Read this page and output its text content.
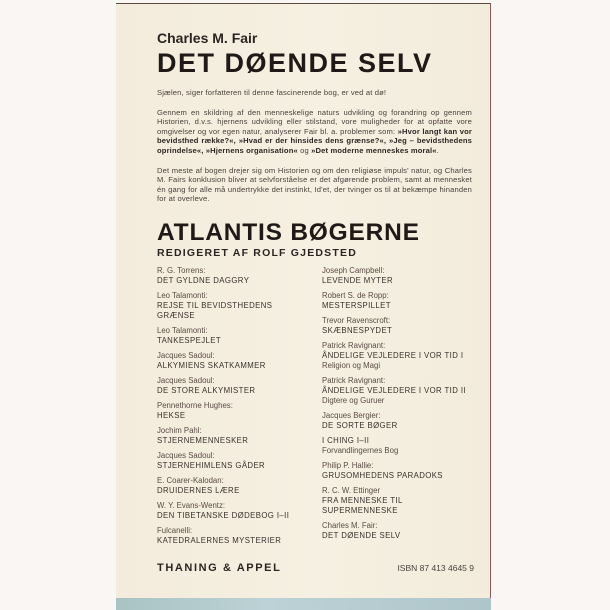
Charles M. Fair

DET DØENDE SELV

Sjælen, siger forfatteren til denne fascinerende bog, er ved at dø!

Gennem en skildring af den menneskelige naturs udvikling og forandring op gennem Historien, d.v.s. hjernens udvikling eller stilstand, vore muligheder for at opfatte vore omgivelser og vor egen natur, analyserer Fair bl. a. problemer som: »Hvor langt kan vor bevidsthed række?«, »Hvad er der hinsides dens grænse?«, »Jeg – bevidsthedens oprindelse«, »Hjernens organisation« og »Det moderne menneskes moral«.

Det meste af bogen drejer sig om Historien og om den religiøse impuls' natur, og Charles M. Fairs konklusion bliver at selvforståelse er det afgørende problem, samt at mennesket én gang for alle må undertrykke det instinkt, Id'et, der tvinger os til at bekæmpe hinanden for at overleve.

ATLANTIS BØGERNE

REDIGERET AF ROLF GJEDSTED

R. G. Torrens:
DET GYLDNE DAGGRY
Leo Talamonti:
REJSE TIL BEVIDSTHEDENS GRÆNSE
Leo Talamonti:
TANKESPEJLET
Jacques Sadoul:
ALKYMIENS SKATKAMMER
Jacques Sadoul:
DE STORE ALKYMISTER
Pennethorne Hughes:
HEKSE
Jochim Pahl:
STJERNEMENNESKER
Jacques Sadoul:
STJERNEHIMLENS GÅDER
E. Coarer-Kalodan:
DRUIDERNES LÆRE
W. Y. Evans-Wentz:
DEN TIBETANSKE DØDEBOG I–II
Fulcanelli:
KATEDRALERNES MYSTERIER
Joseph Campbell:
LEVENDE MYTER
Robert S. de Ropp:
MESTERSPILLET
Trevor Ravenscroft:
SKÆBNESPYDET
Patrick Ravignant:
ÅNDELIGE VEJLEDERE I VOR TID I
Religion og Magi
Patrick Ravignant:
ÅNDELIGE VEJLEDERE I VOR TID II
Digtere og Guruer
Jacques Bergier:
DE SORTE BØGER
I CHING I–II
Forvandlingernes Bog
Philip P. Hallie:
GRUSOMHEDENS PARADOKS
R. C. W. Ettinger
FRA MENNESKE TIL SUPERMENNESKE
Charles M. Fair:
DET DØENDE SELV
THANING & APPEL	ISBN 87 413 4645 9
